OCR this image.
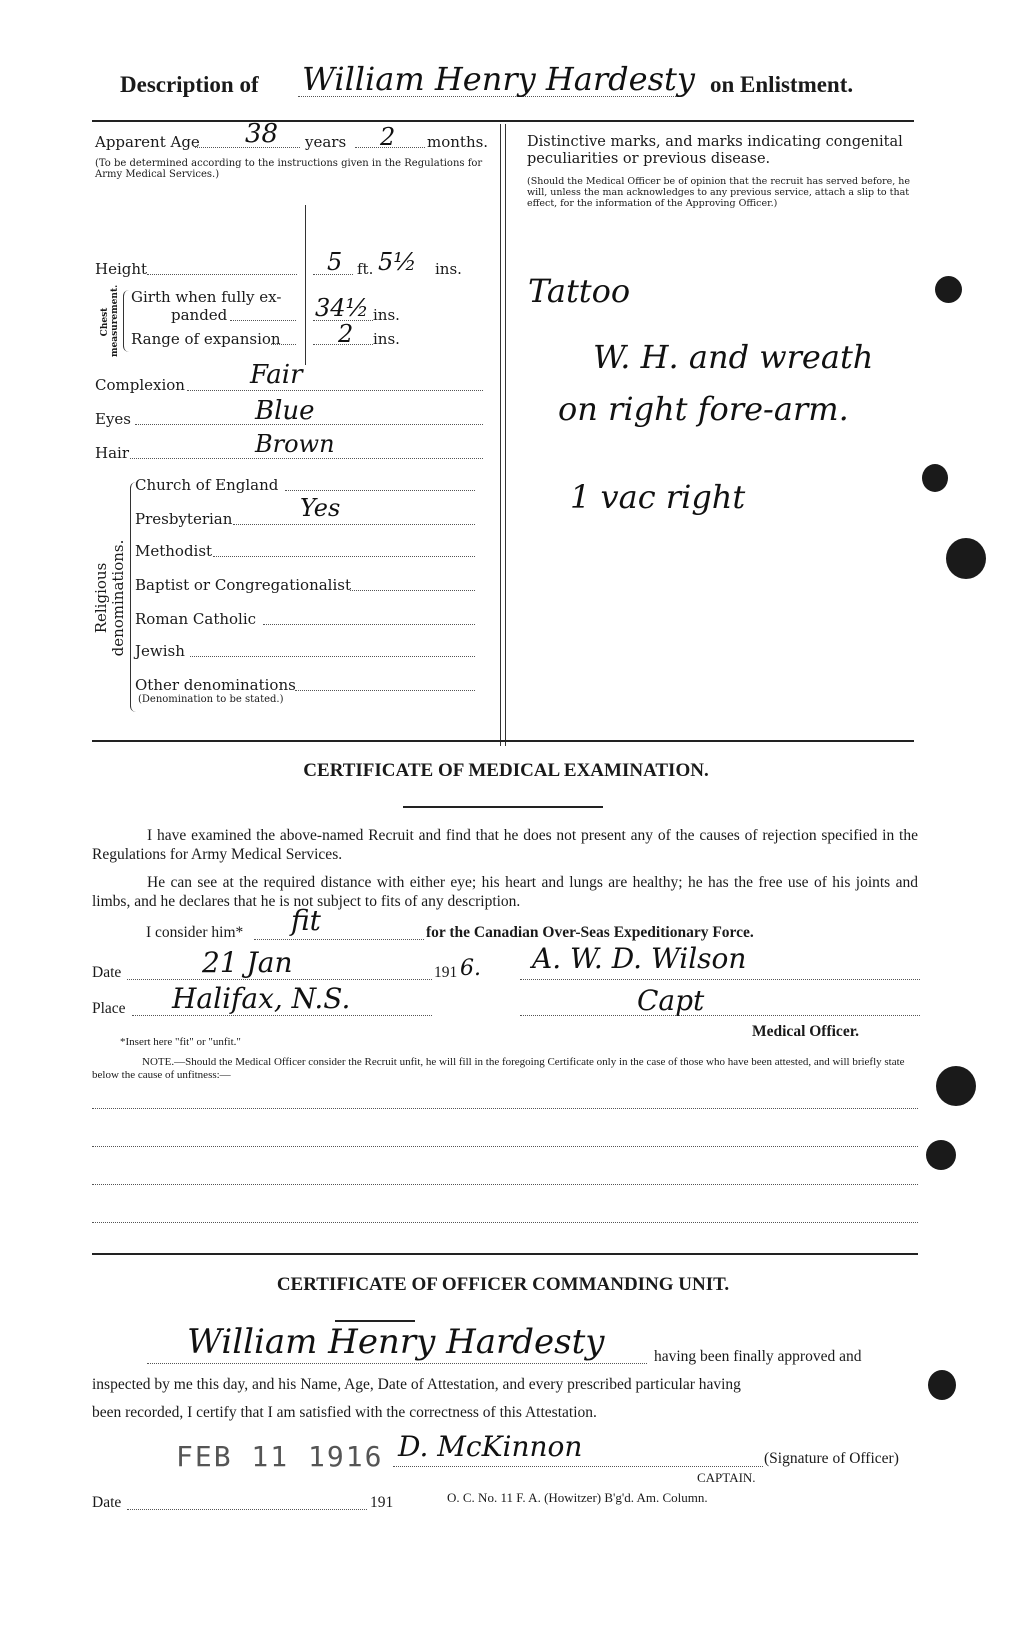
Description of William Henry Hardesty on Enlistment.
Apparent Age 38 years 2 months.
(To be determined according to the instructions given in the Regulations for Army Medical Services.)
Height	5 ft. 5½ ins.
Chest measurement. Girth when fully ex-
panded	34½ ins.
Range of expansion 2 ins.
Complexion	Fair
Eyes	Blue
Hair	Brown
Religious denominations.
Church of England
Presbyterian	Yes
Methodist
Baptist or Congregationalist
Roman Catholic
Jewish
Other denominations
(Denomination to be stated.)
Distinctive marks, and marks indicating congenital peculiarities or previous disease.
(Should the Medical Officer be of opinion that the recruit has served before, he will, unless the man acknowledges to any previous service, attach a slip to that effect, for the information of the Approving Officer.)
Tattoo
W. H. and wreath
on right fore-arm.
1 vac right
CERTIFICATE OF MEDICAL EXAMINATION.
I have examined the above-named Recruit and find that he does not present any of the causes of rejection specified in the Regulations for Army Medical Services.
He can see at the required distance with either eye; his heart and lungs are healthy; he has the free use of his joints and limbs, and he declares that he is not subject to fits of any description.
I consider him* fit	for the Canadian Over-Seas Expeditionary Force.
Date	21 Jan	191 6. A. W. D. Wilson
Place Halifax, N.S.	Capt
Medical Officer.
*Insert here "fit" or "unfit."
NOTE.—Should the Medical Officer consider the Recruit unfit, he will fill in the foregoing Certificate only in the case of those who have been attested, and will briefly state below the cause of unfitness:—
CERTIFICATE OF OFFICER COMMANDING UNIT.
William Henry Hardesty	having been finally approved and
inspected by me this day, and his Name, Age, Date of Attestation, and every prescribed particular having
been recorded, I certify that I am satisfied with the correctness of this Attestation.
FEB 11 1916 D. McKinnon	(Signature of Officer)
CAPTAIN.
O. C. No. 11 F. A. (Howitzer) B'g'd. Am. Column.
Date	191
